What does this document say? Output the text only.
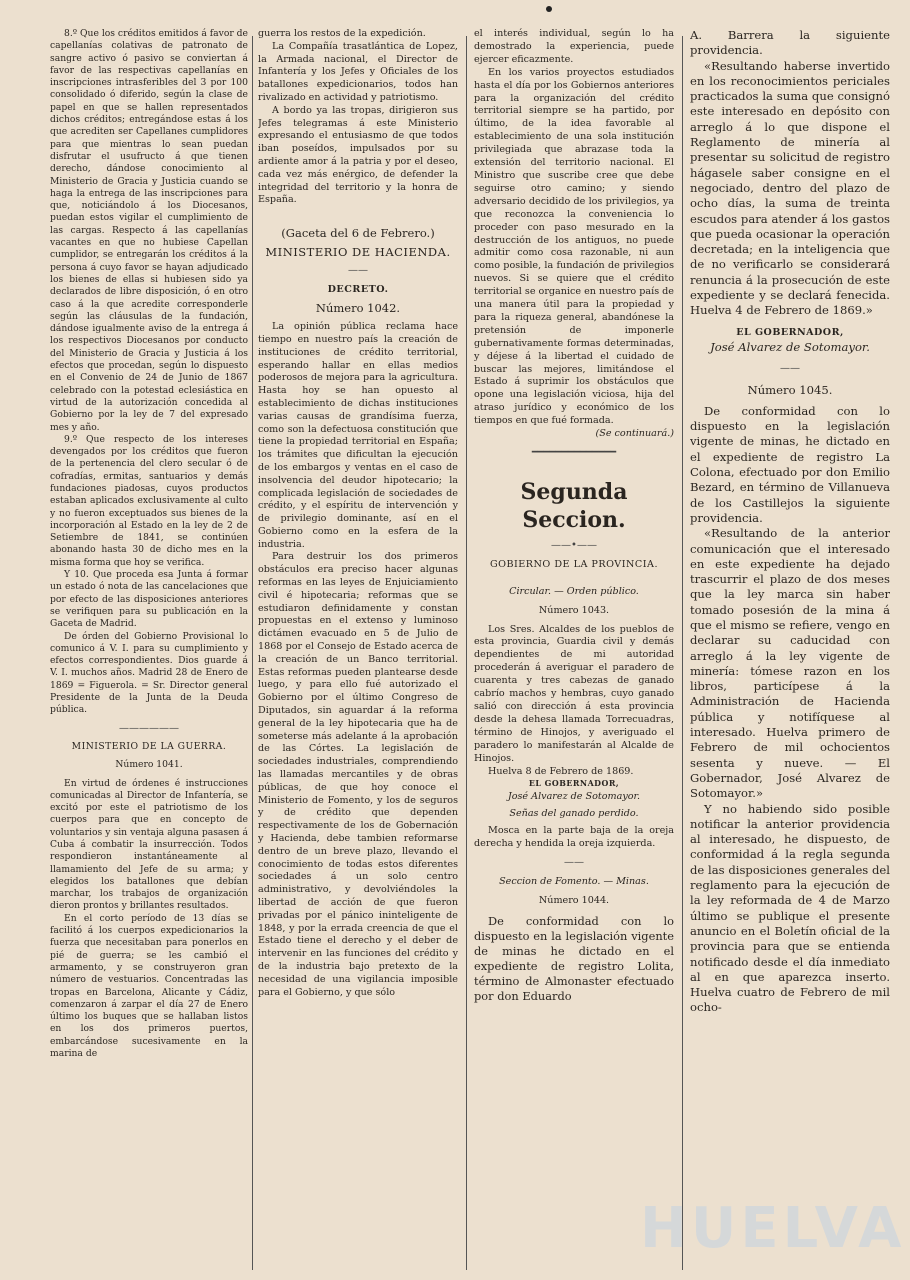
8.º Que los créditos emitidos á favor de capellanías colativas de patronato de sangre activo ó pasivo se conviertan á favor de las respectivas capellanías en inscripciones intrasferibles del 3 por 100 consolidado ó diferido, según la clase de papel en que se hallen representados dichos créditos; entregándose estas á los que acrediten ser Capellanes cumplidores para que mientras lo sean puedan disfrutar el usufructo á que tienen derecho, dándose conocimiento al Ministerio de Gracia y Justicia cuando se haga la entrega de las inscripciones para que, noticiándolo á los Diocesanos, puedan estos vigilar el cumplimiento de las cargas. Respecto á las capellanías vacantes en que no hubiese Capellan cumplidor, se entregarán los créditos á la persona á cuyo favor se hayan adjudicado los bienes de ellas si hubiesen sido ya declarados de libre disposición, ó en otro caso á la que acredite corresponderle según las cláusulas de la fundación, dándose igualmente aviso de la entrega á los respectivos Diocesanos por conducto del Ministerio de Gracia y Justicia á los efectos que procedan, según lo dispuesto en el Convenio de 24 de Junio de 1867 celebrado con la potestad eclesiástica en virtud de la autorización concedida al Gobierno por la ley de 7 del expresado mes y año.

9.º Que respecto de los intereses devengados por los créditos que fueron de la pertenencia del clero secular ó de cofradías, ermitas, santuarios y demás fundaciones piadosas, cuyos productos estaban aplicados exclusivamente al culto y no fueron exceptuados sus bienes de la incorporación al Estado en la ley de 2 de Setiembre de 1841, se continúen abonando hasta 30 de dicho mes en la misma forma que hoy se verifica.

Y 10. Que proceda esa Junta á formar un estado ó nota de las cancelaciones que por efecto de las disposiciones anteriores se verifiquen para su publicación en la Gaceta de Madrid.

De órden del Gobierno Provisional lo comunico á V. I. para su cumplimiento y efectos correspondientes. Dios guarde á V. I. muchos años. Madrid 28 de Enero de 1869 = Figuerola. = Sr. Director general Presidente de la Junta de la Deuda pública.

——————

MINISTERIO DE LA GUERRA.

Número 1041.

En virtud de órdenes é instrucciones comunicadas al Director de Infantería, se excitó por este el patriotismo de los cuerpos para que en concepto de voluntarios y sin ventaja alguna pasasen á Cuba á combatir la insurrección. Todos respondieron instantáneamente al llamamiento del Jefe de su arma; y elegidos los batallones que debían marchar, los trabajos de organización dieron prontos y brillantes resultados.

En el corto período de 13 días se facilitó á los cuerpos expedicionarios la fuerza que necesitaban para ponerlos en pié de guerra; se les cambió el armamento, y se construyeron gran número de vestuarios. Concentradas las tropas en Barcelona, Alicante y Cádiz, comenzaron á zarpar el día 27 de Enero último los buques que se hallaban listos en los dos primeros puertos, embarcándose sucesivamente en la marina de

guerra los restos de la expedición.

La Compañía trasatlántica de Lopez, la Armada nacional, el Director de Infantería y los Jefes y Oficiales de los batallones expedicionarios, todos han rivalizado en actividad y patriotismo.

A bordo ya las tropas, dirigieron sus Jefes telegramas á este Ministerio expresando el entusiasmo de que todos iban poseídos, impulsados por su ardiente amor á la patria y por el deseo, cada vez más enérgico, de defender la integridad del territorio y la honra de España.

(Gaceta del 6 de Febrero.)

MINISTERIO DE HACIENDA.

——

DECRETO.

Número 1042.

La opinión pública reclama hace tiempo en nuestro país la creación de instituciones de crédito territorial, esperando hallar en ellas medios poderosos de mejora para la agricultura. Hasta hoy se han opuesto al establecimiento de dichas instituciones varias causas de grandísima fuerza, como son la defectuosa constitución que tiene la propiedad territorial en España; los trámites que dificultan la ejecución de los embargos y ventas en el caso de insolvencia del deudor hipotecario; la complicada legislación de sociedades de crédito, y el espíritu de intervención y de privilegio dominante, así en el Gobierno como en la esfera de la industria.

Para destruir los dos primeros obstáculos era preciso hacer algunas reformas en las leyes de Enjuiciamiento civil é hipotecaria; reformas que se estudiaron definidamente y constan propuestas en el extenso y luminoso dictámen evacuado en 5 de Julio de 1868 por el Consejo de Estado acerca de la creación de un Banco territorial. Estas reformas pueden plantearse desde luego, y para ello fué autorizado el Gobierno por el último Congreso de Diputados, sin aguardar á la reforma general de la ley hipotecaria que ha de someterse más adelante á la aprobación de las Córtes. La legislación de sociedades industriales, comprendiendo las llamadas mercantiles y de obras públicas, de que hoy conoce el Ministerio de Fomento, y los de seguros y de crédito que dependen respectivamente de los de Gobernación y Hacienda, debe tambien reformarse dentro de un breve plazo, llevando el conocimiento de todas estos diferentes sociedades á un solo centro administrativo, y devolviéndoles la libertad de acción de que fueron privadas por el pánico ininteligente de 1848, y por la errada creencia de que el Estado tiene el derecho y el deber de intervenir en las funciones del crédito y de la industria bajo pretexto de la necesidad de una vigilancia imposible para el Gobierno, y que sólo

el interés individual, según lo ha demostrado la experiencia, puede ejercer eficazmente.

En los varios proyectos estudiados hasta el día por los Gobiernos anteriores para la organización del crédito territorial siempre se ha partido, por último, de la idea favorable al establecimiento de una sola institución privilegiada que abrazase toda la extensión del territorio nacional. El Ministro que suscribe cree que debe seguirse otro camino; y siendo adversario decidido de los privilegios, ya que reconozca la conveniencia lo proceder con paso mesurado en la destrucción de los antiguos, no puede admitir como cosa razonable, ni aun como posible, la fundación de privilegios nuevos. Si se quiere que el crédito territorial se organice en nuestro país de una manera útil para la propiedad y para la riqueza general, abandónese la pretensión de imponerle gubernativamente formas determinadas, y déjese á la libertad el cuidado de buscar las mejores, limitándose el Estado á suprimir los obstáculos que opone una legislación viciosa, hija del atraso jurídico y económico de los tiempos en que fué formada.

(Se continuará.)

━━━━━━━━━━━━━━

Segunda Seccion.

——•——

GOBIERNO DE LA PROVINCIA.

Circular. — Orden público.

Número 1043.

Los Sres. Alcaldes de los pueblos de esta provincia, Guardia civil y demás dependientes de mi autoridad procederán á averiguar el paradero de cuarenta y tres cabezas de ganado cabrío machos y hembras, cuyo ganado salió con dirección á esta provincia desde la dehesa llamada Torrecuadras, término de Hinojos, y averiguado el paradero lo manifestarán al Alcalde de Hinojos.

Huelva 8 de Febrero de 1869.

EL GOBERNADOR,

José Alvarez de Sotomayor.

Señas del ganado perdido.

Mosca en la parte baja de la oreja derecha y hendida la oreja izquierda.

——

Seccion de Fomento. — Minas.

Número 1044.

De conformidad con lo dispuesto en la legislación vigente de minas he dictado en el expediente de registro Lolita, término de Almonaster efectuado por don Eduardo

A. Barrera la siguiente providencia.

«Resultando haberse invertido en los reconocimientos periciales practicados la suma que consignó este interesado en depósito con arreglo á lo que dispone el Reglamento de minería al presentar su solicitud de registro hágasele saber consigne en el negociado, dentro del plazo de ocho días, la suma de treinta escudos para atender á los gastos que pueda ocasionar la operación decretada; en la inteligencia que de no verificarlo se considerará renuncia á la prosecución de este expediente y se declará fenecida. Huelva 4 de Febrero de 1869.»

EL GOBERNADOR,

José Alvarez de Sotomayor.

——

Número 1045.

De conformidad con lo dispuesto en la legislación vigente de minas, he dictado en el expediente de registro La Colona, efectuado por don Emilio Bezard, en término de Villanueva de los Castillejos la siguiente providencia.

«Resultando de la anterior comunicación que el interesado en este expediente ha dejado trascurrir el plazo de dos meses que la ley marca sin haber tomado posesión de la mina á que el mismo se refiere, vengo en declarar su caducidad con arreglo á la ley vigente de minería: tómese razon en los libros, particípese á la Administración de Hacienda pública y notifíquese al interesado. Huelva primero de Febrero de mil ochocientos sesenta y nueve. — El Gobernador, José Alvarez de Sotomayor.»

Y no habiendo sido posible notificar la anterior providencia al interesado, he dispuesto, de conformidad á la regla segunda de las disposiciones generales del reglamento para la ejecución de la ley reformada de 4 de Marzo último se publique el presente anuncio en el Boletín oficial de la provincia para que se entienda notificado desde el día inmediato al en que aparezca inserto. Huelva cuatro de Febrero de mil ocho-

HUELVA
